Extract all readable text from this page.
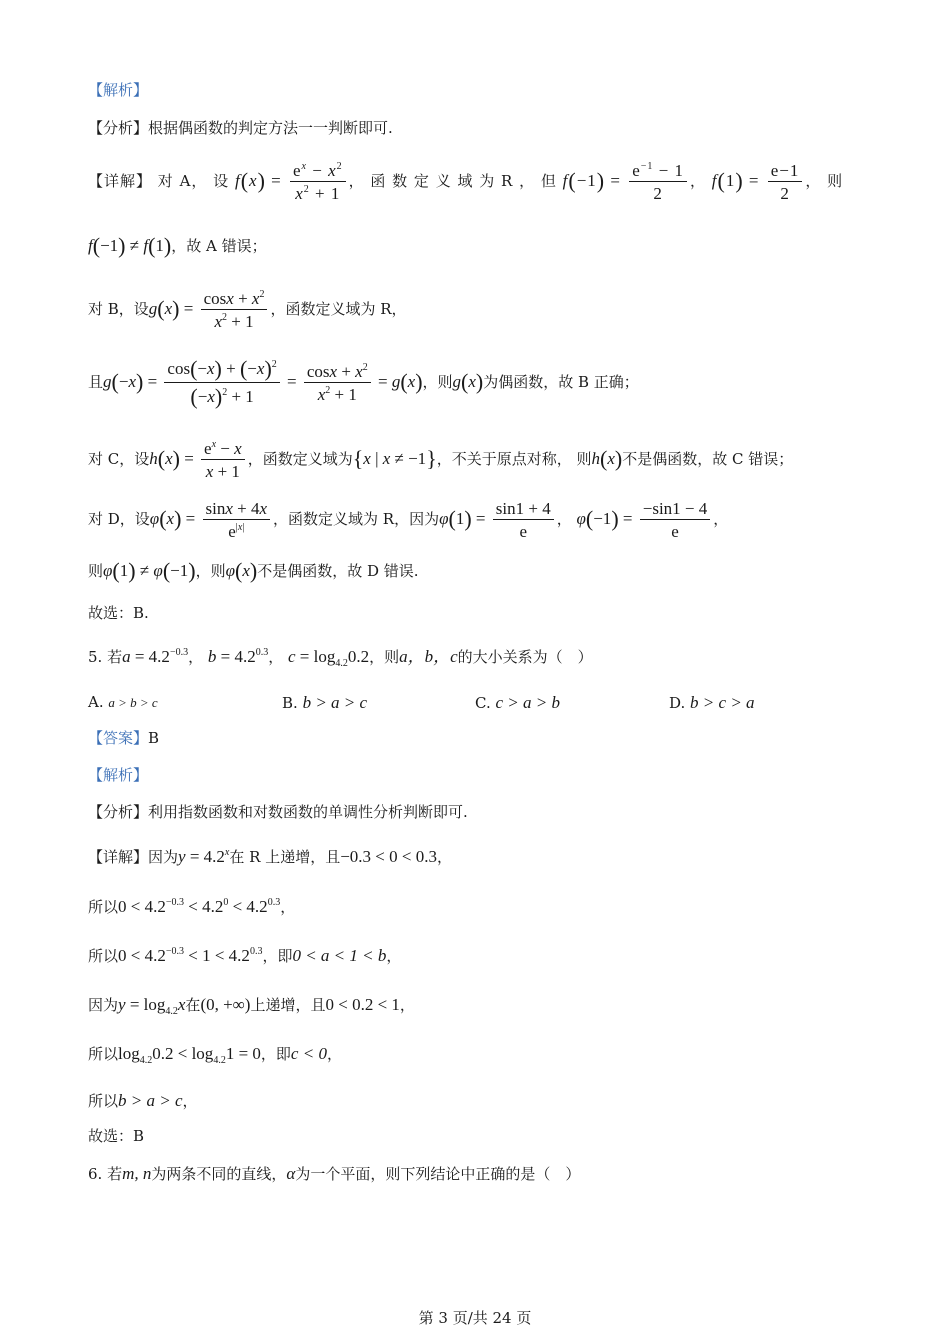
【解析】
【分析】根据偶函数的判定方法一一判断即可.
【详解】 对 A， 设 $f(x) = \frac{e^x - x^2}{x^2 + 1}$ ， 函 数 定 义 域 为 R ， 但 $f(-1) = \frac{e^{-1} - 1}{2}$ ， $f(1) = \frac{e-1}{2}$ ， 则
f(−1) ≠ f(1)，故 A 错误；
对 B，设$g(x) = \frac{\cos x + x^2}{x^2 + 1}$ ，函数定义域为 R，
且$g(-x) = \frac{\cos(-x) + (-x)^2}{(-x)^2 + 1} = \frac{\cos x + x^2}{x^2 + 1} = g(x)$，则g(x)为偶函数，故 B 正确；
对 C，设$h(x) = \frac{e^x - x}{x + 1}$ ，函数定义域为{x | x ≠ −1}，不关于原点对称， 则h(x)不是偶函数，故 C 错误；
对 D，设$\varphi(x) = \frac{\sin x + 4x}{e^{|x|}}$ ，函数定义域为 R，因为$\varphi(1) = \frac{\sin 1 + 4}{e}$ ， $\varphi(-1) = \frac{-\sin 1 - 4}{e}$ ，
则φ(1) ≠ φ(−1)，则φ(x)不是偶函数，故 D 错误.
故选：B.
5. 若$a = 4.2^{-0.3}$， $b = 4.2^{0.3}$， $c = \log_{4.2}0.2$，则a，b，c的大小关系为（　）
A. a > b > c	B. b > a > c	C. c > a > b	D. b > c > a
【答案】B
【解析】
【分析】利用指数函数和对数函数的单调性分析判断即可.
【详解】因为$y = 4.2^x$在 R 上递增，且−0.3 < 0 < 0.3，
所以$0 < 4.2^{-0.3} < 4.2^0 < 4.2^{0.3}$，
所以$0 < 4.2^{-0.3} < 1 < 4.2^{0.3}$，即0 < a < 1 < b，
因为$y = \log_{4.2}x$在(0, +∞)上递增，且0 < 0.2 < 1，
所以$\log_{4.2}0.2 < \log_{4.2}1 = 0$，即c < 0，
所以b > a > c，
故选：B
6. 若m, n为两条不同的直线，α为一个平面，则下列结论中正确的是（　）
第 3 页/共 24 页
